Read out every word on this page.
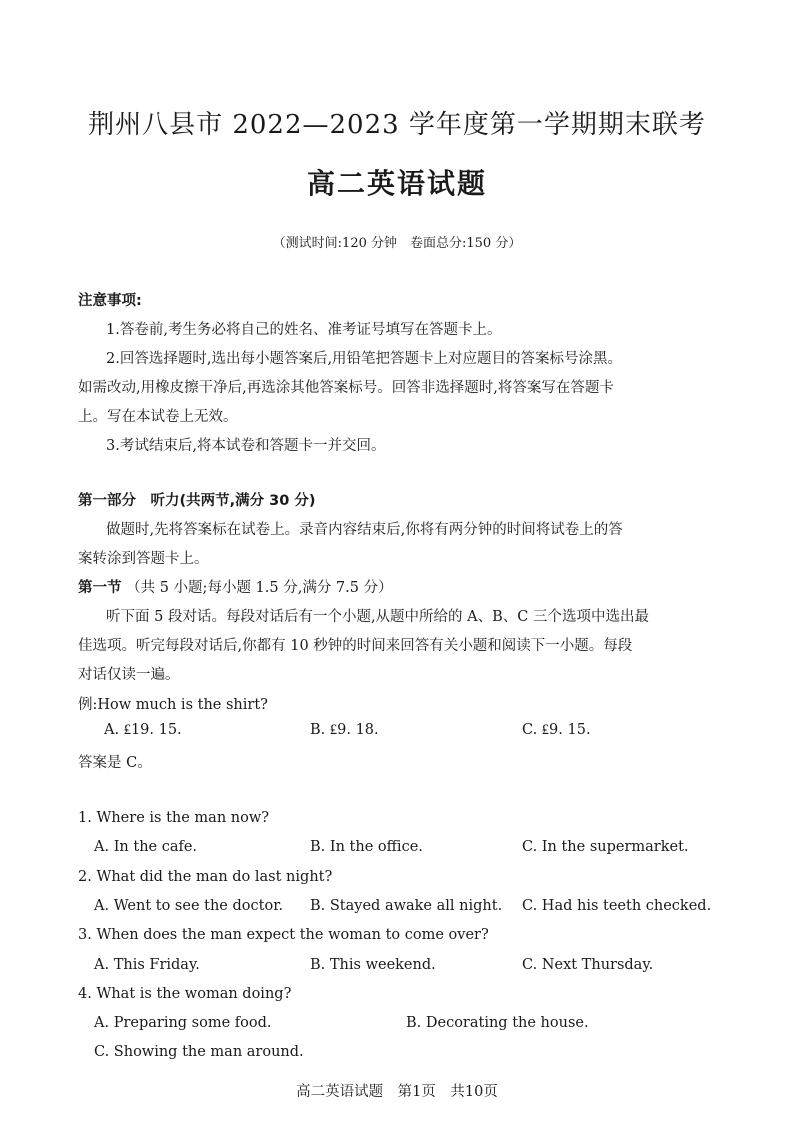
荆州八县市 2022—2023 学年度第一学期期末联考
高二英语试题
（测试时间:120 分钟　卷面总分:150 分）
注意事项:
1.答卷前,考生务必将自己的姓名、准考证号填写在答题卡上。
2.回答选择题时,选出每小题答案后,用铅笔把答题卡上对应题目的答案标号涂黑。
如需改动,用橡皮擦干净后,再选涂其他答案标号。回答非选择题时,将答案写在答题卡
上。写在本试卷上无效。
3.考试结束后,将本试卷和答题卡一并交回。
第一部分　听力(共两节,满分 30 分)
做题时,先将答案标在试卷上。录音内容结束后,你将有两分钟的时间将试卷上的答
案转涂到答题卡上。
第一节 （共 5 小题;每小题 1.5 分,满分 7.5 分）
听下面 5 段对话。每段对话后有一个小题,从题中所给的 A、B、C 三个选项中选出最
佳选项。听完每段对话后,你都有 10 秒钟的时间来回答有关小题和阅读下一小题。每段
对话仅读一遍。
例:How much is the shirt?
A. ₤19. 15.	B. ₤9. 18.	C. ₤9. 15.
答案是 C。
1. Where is the man now?
A. In the cafe.	B. In the office.	C. In the supermarket.
2. What did the man do last night?
A. Went to see the doctor. B. Stayed awake all night. C. Had his teeth checked.
3. When does the man expect the woman to come over?
A. This Friday.	B. This weekend.	C. Next Thursday.
4. What is the woman doing?
A. Preparing some food.	B. Decorating the house.
C. Showing the man around.
高二英语试题　第1页　共10页
